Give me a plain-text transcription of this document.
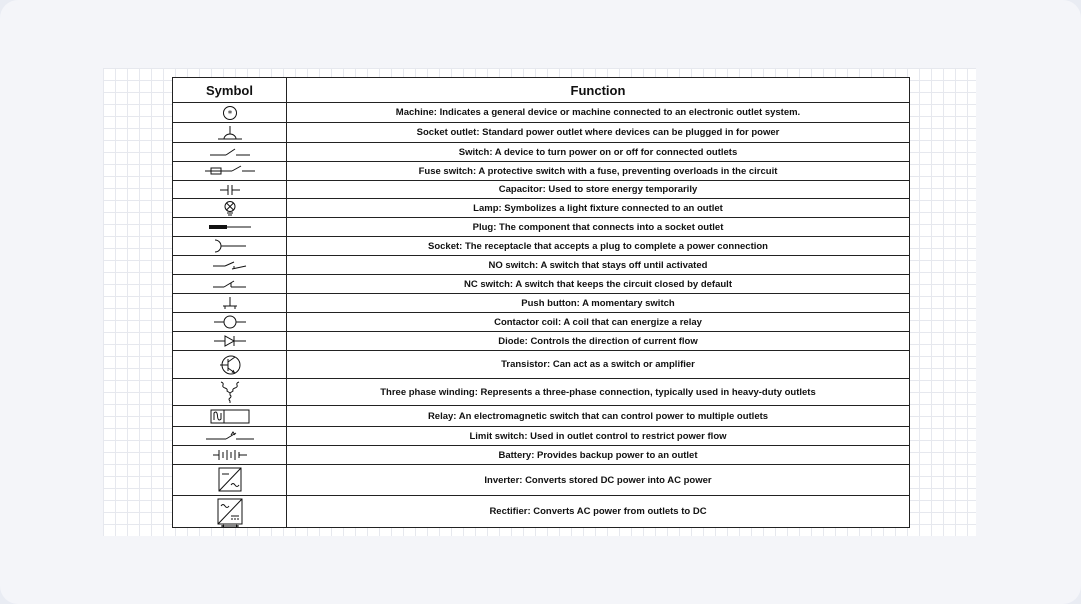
Symbol	Function

*	Machine: Indicates a general device or machine connected to an electronic outlet system.

	Socket outlet: Standard power outlet where devices can be plugged in for power

	Switch: A device to turn power on or off for connected outlets

	Fuse switch: A protective switch with a fuse, preventing overloads in the circuit

	Capacitor: Used to store energy temporarily

	Lamp: Symbolizes a light fixture connected to an outlet

	Plug: The component that connects into a socket outlet

	Socket: The receptacle that accepts a plug to complete a power connection

	NO switch: A switch that stays off until activated

	NC switch: A switch that keeps the circuit closed by default

	Push button: A momentary switch

	Contactor coil: A coil that can energize a relay

	Diode: Controls the direction of current flow

	Transistor: Can act as a switch or amplifier

	Three phase winding: Represents a three-phase connection, typically used in heavy-duty outlets

	Relay: An electromagnetic switch that can control power to multiple outlets

	Limit switch: Used in outlet control to restrict power flow

	Battery: Provides backup power to an outlet

	Inverter: Converts stored DC power into AC power

	Rectifier: Converts AC power from outlets to DC
